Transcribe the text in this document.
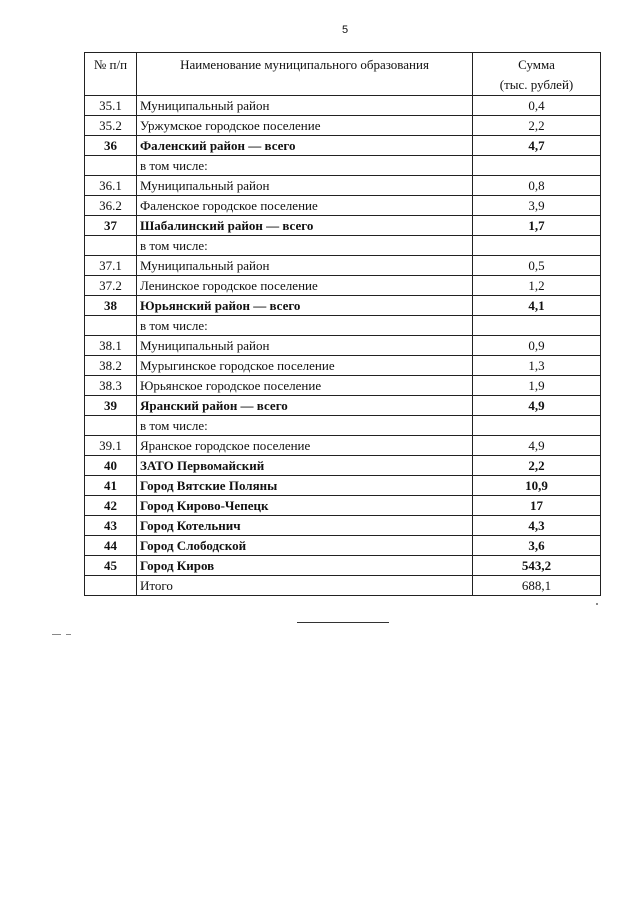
5
№ п/п	Наименование муниципального образования	Сумма
(тыс. рублей)

35.1	Муниципальный район	0,4
35.2	Уржумское городское поселение	2,2
36	Фаленский район — всего	4,7
	в том числе:	
36.1	Муниципальный район	0,8
36.2	Фаленское городское поселение	3,9
37	Шабалинский район — всего	1,7
	в том числе:	
37.1	Муниципальный район	0,5
37.2	Ленинское городское поселение	1,2
38	Юрьянский район — всего	4,1
	в том числе:	
38.1	Муниципальный район	0,9
38.2	Мурыгинское городское поселение	1,3
38.3	Юрьянское городское поселение	1,9
39	Яранский район — всего	4,9
	в том числе:	
39.1	Яранское городское поселение	4,9
40	ЗАТО Первомайский	2,2
41	Город Вятские Поляны	10,9
42	Город Кирово-Чепецк	17
43	Город Котельнич	4,3
44	Город Слободской	3,6
45	Город Киров	543,2
	Итого	688,1
